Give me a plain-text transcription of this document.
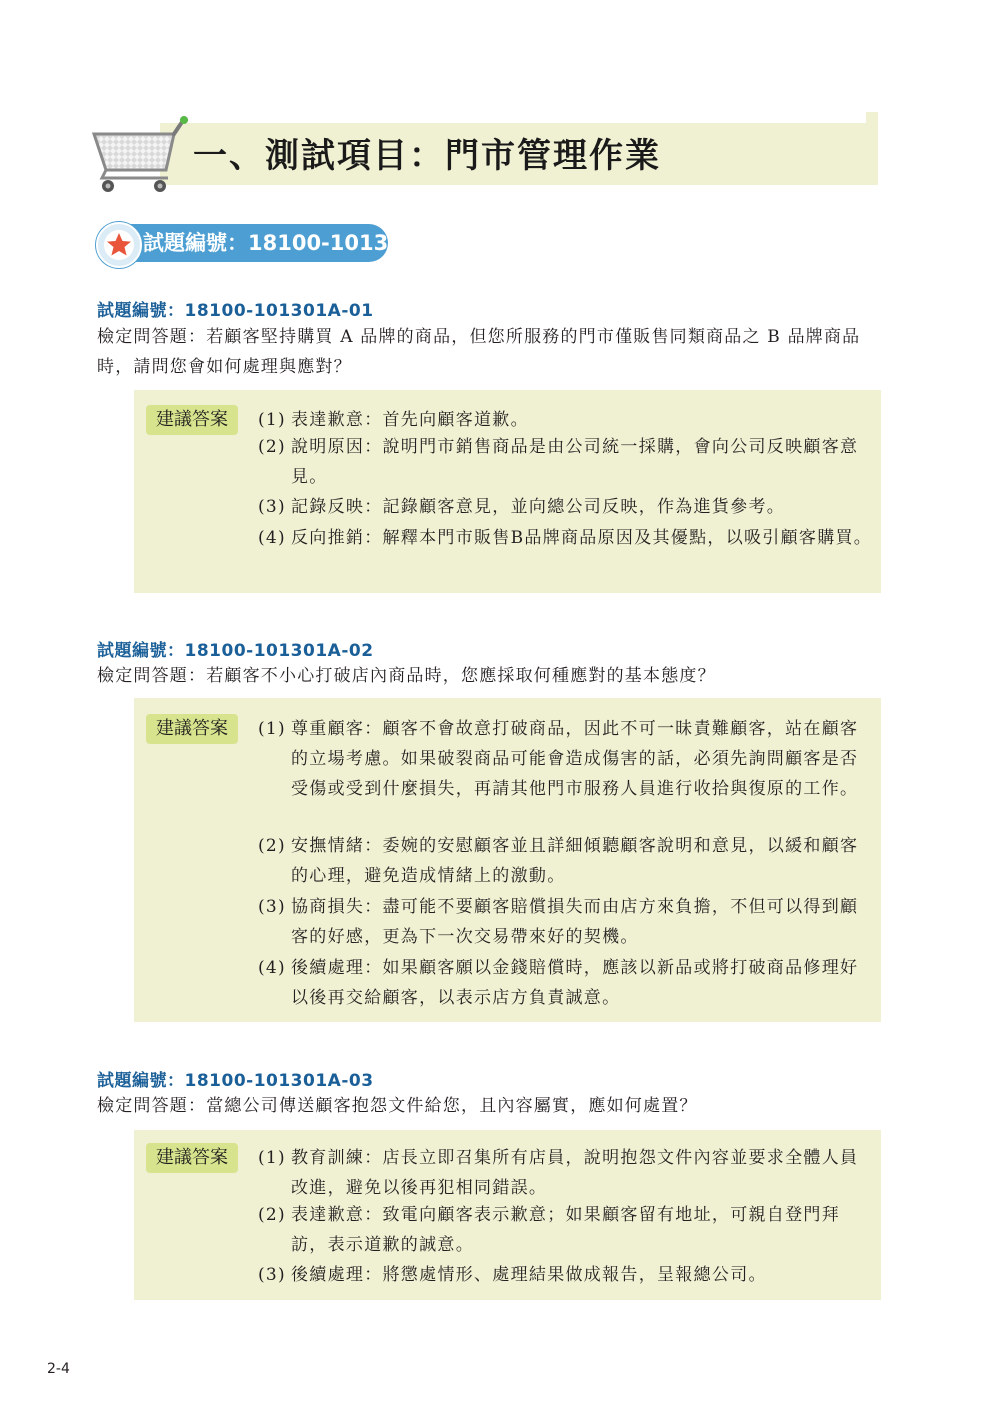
一、測試項目：門市管理作業
試題編號：18100-101301A
試題編號：18100-101301A-01
檢定問答題：若顧客堅持購買 A 品牌的商品，但您所服務的門市僅販售同類商品之 B 品牌商品時，請問您會如何處理與應對？
建議答案	(1) 表達歉意：首先向顧客道歉。
(2) 說明原因：說明門市銷售商品是由公司統一採購，會向公司反映顧客意見。
(3) 記錄反映：記錄顧客意見，並向總公司反映，作為進貨參考。
(4) 反向推銷：解釋本門市販售B品牌商品原因及其優點，以吸引顧客購買。
試題編號：18100-101301A-02
檢定問答題：若顧客不小心打破店內商品時，您應採取何種應對的基本態度？
建議答案	(1) 尊重顧客：顧客不會故意打破商品，因此不可一昧責難顧客，站在顧客的立場考慮。如果破裂商品可能會造成傷害的話，必須先詢問顧客是否受傷或受到什麼損失，再請其他門市服務人員進行收拾與復原的工作。
(2) 安撫情緒：委婉的安慰顧客並且詳細傾聽顧客說明和意見，以緩和顧客的心理，避免造成情緒上的激動。
(3) 協商損失：盡可能不要顧客賠償損失而由店方來負擔，不但可以得到顧客的好感，更為下一次交易帶來好的契機。
(4) 後續處理：如果顧客願以金錢賠償時，應該以新品或將打破商品修理好以後再交給顧客，以表示店方負責誠意。
試題編號：18100-101301A-03
檢定問答題：當總公司傳送顧客抱怨文件給您，且內容屬實，應如何處置？
建議答案	(1) 教育訓練：店長立即召集所有店員，說明抱怨文件內容並要求全體人員改進，避免以後再犯相同錯誤。
(2) 表達歉意：致電向顧客表示歉意；如果顧客留有地址，可親自登門拜訪，表示道歉的誠意。
(3) 後續處理：將懲處情形、處理結果做成報告，呈報總公司。
2-4
